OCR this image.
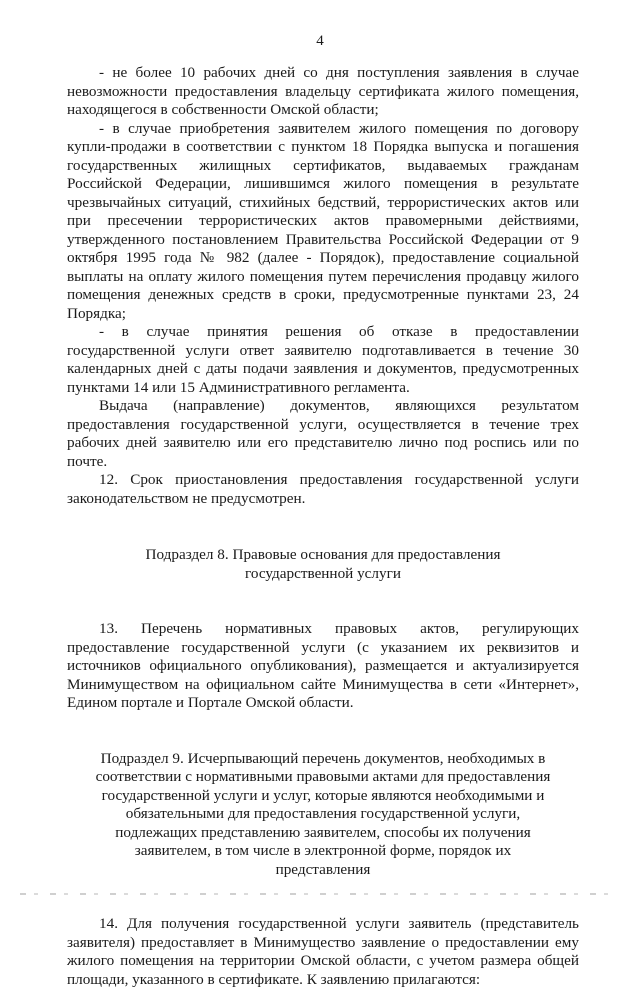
4

- не более 10 рабочих дней со дня поступления заявления в случае невозможности предоставления владельцу сертификата жилого помещения, находящегося в собственности Омской области;

- в случае приобретения заявителем жилого помещения по договору купли-продажи в соответствии с пунктом 18 Порядка выпуска и погашения государственных жилищных сертификатов, выдаваемых гражданам Российской Федерации, лишившимся жилого помещения в результате чрезвычайных ситуаций, стихийных бедствий, террористических актов или при пресечении террористических актов правомерными действиями, утвержденного постановлением Правительства Российской Федерации от 9 октября 1995 года № 982 (далее - Порядок), предоставление социальной выплаты на оплату жилого помещения путем перечисления продавцу жилого помещения денежных средств в сроки, предусмотренные пунктами 23, 24 Порядка;

- в случае принятия решения об отказе в предоставлении государственной услуги ответ заявителю подготавливается в течение 30 календарных дней с даты подачи заявления и документов, предусмотренных пунктами 14 или 15 Административного регламента.

Выдача (направление) документов, являющихся результатом предоставления государственной услуги, осуществляется в течение трех рабочих дней заявителю или его представителю лично под роспись или по почте.

12. Срок приостановления предоставления государственной услуги законодательством не предусмотрен.

Подраздел 8. Правовые основания для предоставления государственной услуги

13. Перечень нормативных правовых актов, регулирующих предоставление государственной услуги (с указанием их реквизитов и источников официального опубликования), размещается и актуализируется Минимуществом на официальном сайте Минимущества в сети «Интернет», Едином портале и Портале Омской области.

Подраздел 9. Исчерпывающий перечень документов, необходимых в соответствии с нормативными правовыми актами для предоставления государственной услуги и услуг, которые являются необходимыми и обязательными для предоставления государственной услуги, подлежащих представлению заявителем, способы их получения заявителем, в том числе в электронной форме, порядок их представления

14. Для получения государственной услуги заявитель (представитель заявителя) предоставляет в Минимущество заявление о предоставлении ему жилого помещения на территории Омской области, с учетом размера общей площади, указанного в сертификате. К заявлению прилагаются:
